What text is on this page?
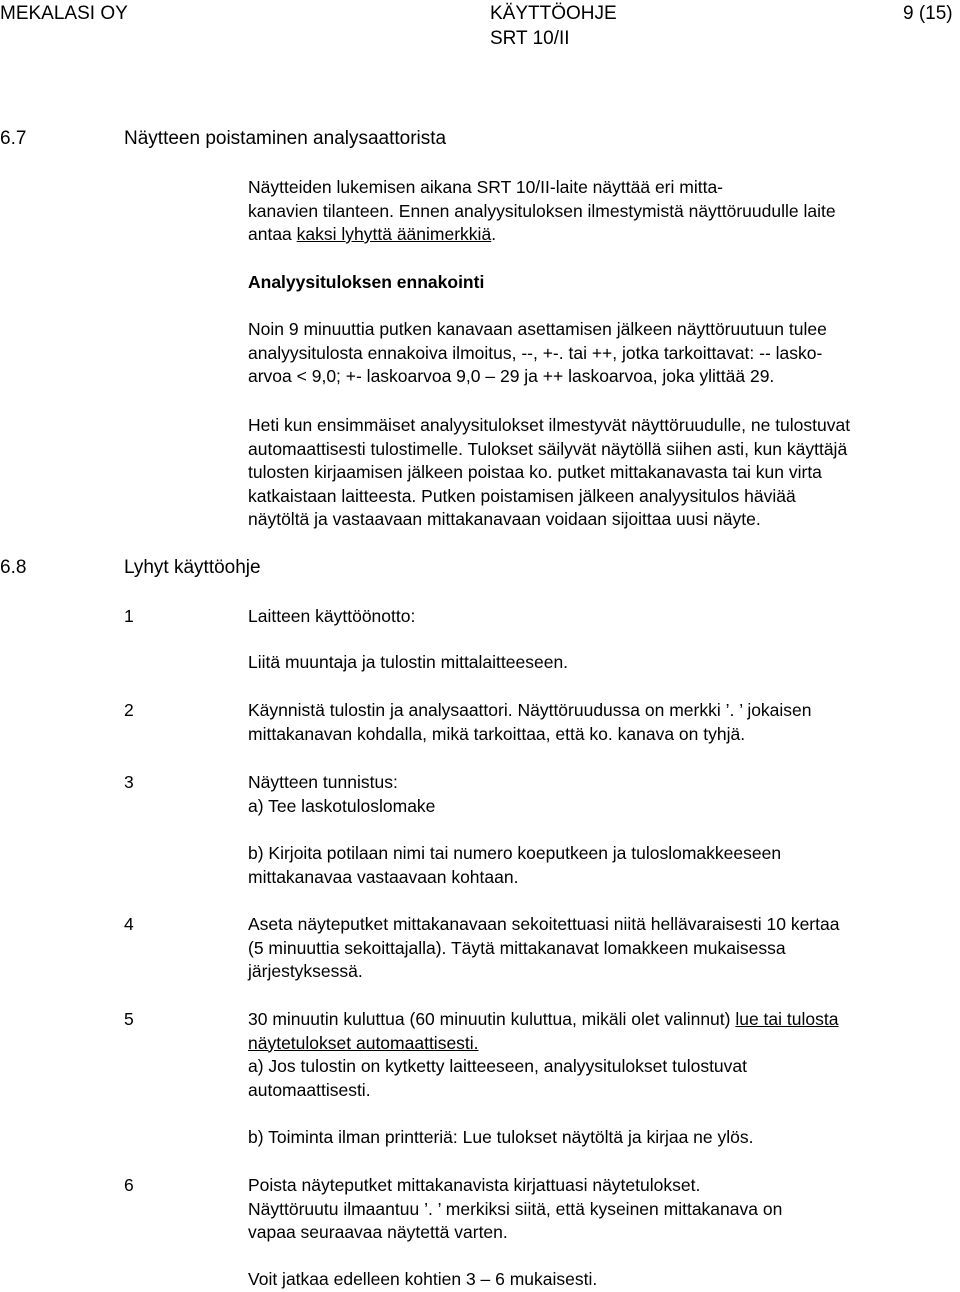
MEKALASI OY	KÄYTTÖOHJE
SRT 10/II
9 (15)
6.7	Näytteen poistaminen analysaattorista
Näytteiden lukemisen aikana SRT 10/II-laite näyttää eri mitta-
kanavien tilanteen. Ennen analyysituloksen ilmestymistä näyttöruudulle laite
antaa kaksi lyhyttä äänimerkkiä.
Analyysituloksen ennakointi
Noin 9 minuuttia putken kanavaan asettamisen jälkeen näyttöruutuun tulee
analyysitulosta ennakoiva ilmoitus, --, +-. tai ++, jotka tarkoittavat: -- lasko-
arvoa < 9,0; +- laskoarvoa 9,0 – 29 ja ++ laskoarvoa, joka ylittää 29.
Heti kun ensimmäiset analyysitulokset ilmestyvät näyttöruudulle, ne tulostuvat
automaattisesti tulostimelle. Tulokset säilyvät näytöllä siihen asti, kun käyttäjä
tulosten kirjaamisen jälkeen poistaa ko. putket mittakanavasta tai kun virta
katkaistaan laitteesta. Putken poistamisen jälkeen analyysitulos häviää
näytöltä ja vastaavaan mittakanavaan voidaan sijoittaa uusi näyte.
6.8	Lyhyt käyttöohje
1	Laitteen käyttöönotto:
Liitä muuntaja ja tulostin mittalaitteeseen.
2	Käynnistä tulostin ja analysaattori. Näyttöruudussa on merkki ’. ’ jokaisen
mittakanavan kohdalla, mikä tarkoittaa, että ko. kanava on tyhjä.
3	Näytteen tunnistus:
a) Tee laskotuloslomake
b) Kirjoita potilaan nimi tai numero koeputkeen ja tuloslomakkeeseen
mittakanavaa vastaavaan kohtaan.
4	Aseta näyteputket mittakanavaan sekoitettuasi niitä hellävaraisesti 10 kertaa
(5 minuuttia sekoittajalla). Täytä mittakanavat lomakkeen mukaisessa
järjestyksessä.
5	30 minuutin kuluttua (60 minuutin kuluttua, mikäli olet valinnut) lue tai tulosta
näytetulokset automaattisesti.
a) Jos tulostin on kytketty laitteeseen, analyysitulokset tulostuvat
automaattisesti.
b) Toiminta ilman printteriä: Lue tulokset näytöltä ja kirjaa ne ylös.
6	Poista näyteputket mittakanavista kirjattuasi näytetulokset.
Näyttöruutu ilmaantuu ’. ’ merkiksi siitä, että kyseinen mittakanava on
vapaa seuraavaa näytettä varten.
Voit jatkaa edelleen kohtien 3 – 6 mukaisesti.
